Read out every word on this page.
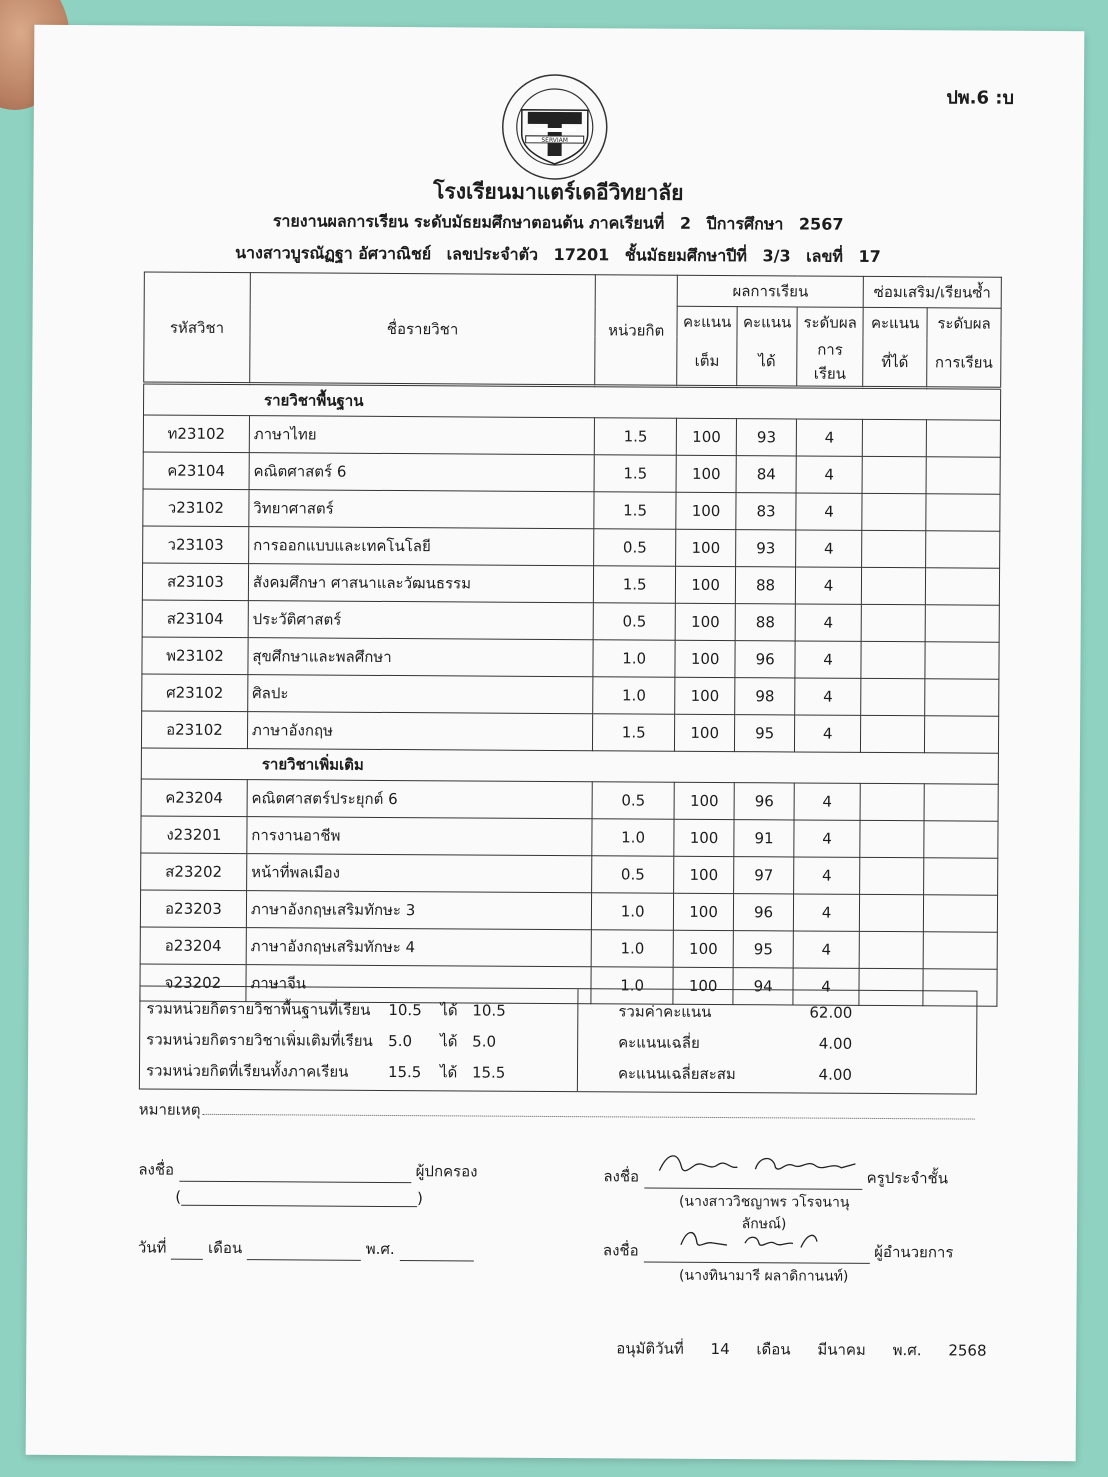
ปพ.6 :บ
SERVIAM
โรงเรียนมาแตร์เดอีวิทยาลัย
รายงานผลการเรียน ระดับมัธยมศึกษาตอนต้น ภาคเรียนที่ 2 ปีการศึกษา 2567
นางสาวบูรณัฏฐา อัศวาณิชย์ เลขประจำตัว 17201 ชั้นมัธยมศึกษาปีที่ 3/3 เลขที่ 17
รหัสวิชา	ชื่อรายวิชา	หน่วยกิต	ผลการเรียน			ซ่อมเสริม/เรียนซ้ำ	
			คะแนน	คะแนน	ระดับผล	คะแนน	ระดับผล
			เต็ม	ได้	การเรียน	ที่ได้	การเรียน
รายวิชาพื้นฐาน							
ท23102	ภาษาไทย	1.5	100	93	4		
ค23104	คณิตศาสตร์ 6	1.5	100	84	4		
ว23102	วิทยาศาสตร์	1.5	100	83	4		
ว23103	การออกแบบและเทคโนโลยี	0.5	100	93	4		
ส23103	สังคมศึกษา ศาสนาและวัฒนธรรม	1.5	100	88	4		
ส23104	ประวัติศาสตร์	0.5	100	88	4		
พ23102	สุขศึกษาและพลศึกษา	1.0	100	96	4		
ศ23102	ศิลปะ	1.0	100	98	4		
อ23102	ภาษาอังกฤษ	1.5	100	95	4		
รายวิชาเพิ่มเติม							
ค23204	คณิตศาสตร์ประยุกต์ 6	0.5	100	96	4		
ง23201	การงานอาชีพ	1.0	100	91	4		
ส23202	หน้าที่พลเมือง	0.5	100	97	4		
อ23203	ภาษาอังกฤษเสริมทักษะ 3	1.0	100	96	4		
อ23204	ภาษาอังกฤษเสริมทักษะ 4	1.0	100	95	4		
จ23202	ภาษาจีน	1.0	100	94	4		
รวมหน่วยกิตรายวิชาพื้นฐานที่เรียน	10.5	ได้ 10.5
รวมหน่วยกิตรายวิชาเพิ่มเติมที่เรียน	5.0	ได้ 5.0
รวมหน่วยกิตที่เรียนทั้งภาคเรียน	15.5	ได้ 15.5
รวมค่าคะแนน	62.00
คะแนนเฉลี่ย	4.00
คะแนนเฉลี่ยสะสม	4.00
หมายเหตุ
ลงชื่อ	ผู้ปกครอง
(	)
วันที่	เดือน	พ.ศ.
ลงชื่อ	ครูประจำชั้น
(นางสาววิชญาพร วโรจนานุลักษณ์)
ลงชื่อ	ผู้อำนวยการ
(นางทินามารี ผลาดิกานนท์)
อนุมัติวันที่ 14 เดือน มีนาคม พ.ศ. 2568
